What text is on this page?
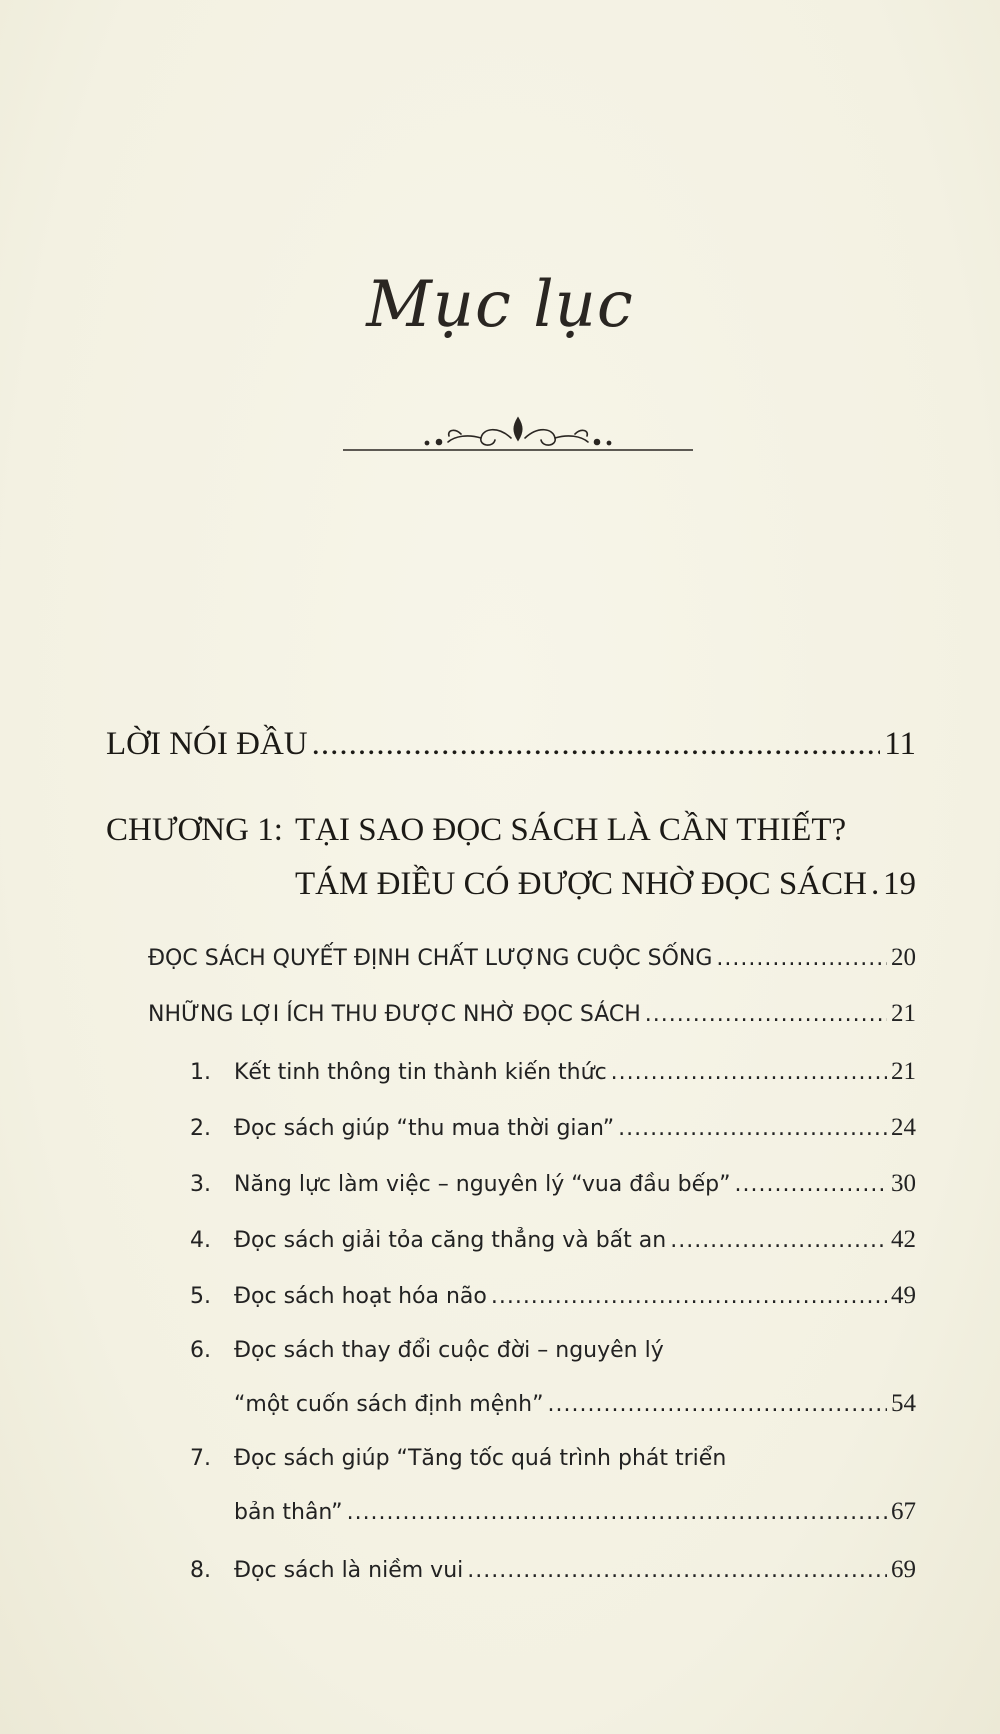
Mục lục
LỜI NÓI ĐẦU .....	11
CHƯƠNG 1: TẠI SAO ĐỌC SÁCH LÀ CẦN THIẾT?
TÁM ĐIỀU CÓ ĐƯỢC NHỜ ĐỌC SÁCH ..... 19
ĐỌC SÁCH QUYẾT ĐỊNH CHẤT LƯỢNG CUỘC SỐNG .....	20
NHỮNG LỢI ÍCH THU ĐƯỢC NHỜ ĐỌC SÁCH .....	21
1.	Kết tinh thông tin thành kiến thức .....	21
2.	Đọc sách giúp “thu mua thời gian” .....	24
3.	Năng lực làm việc – nguyên lý “vua đầu bếp” .....	30
4.	Đọc sách giải tỏa căng thẳng và bất an .....	42
5.	Đọc sách hoạt hóa não .....	49
6. Đọc sách thay đổi cuộc đời – nguyên lý
“một cuốn sách định mệnh” .....	54
7. Đọc sách giúp “Tăng tốc quá trình phát triển
bản thân” .....	67
8.	Đọc sách là niềm vui .....	69
